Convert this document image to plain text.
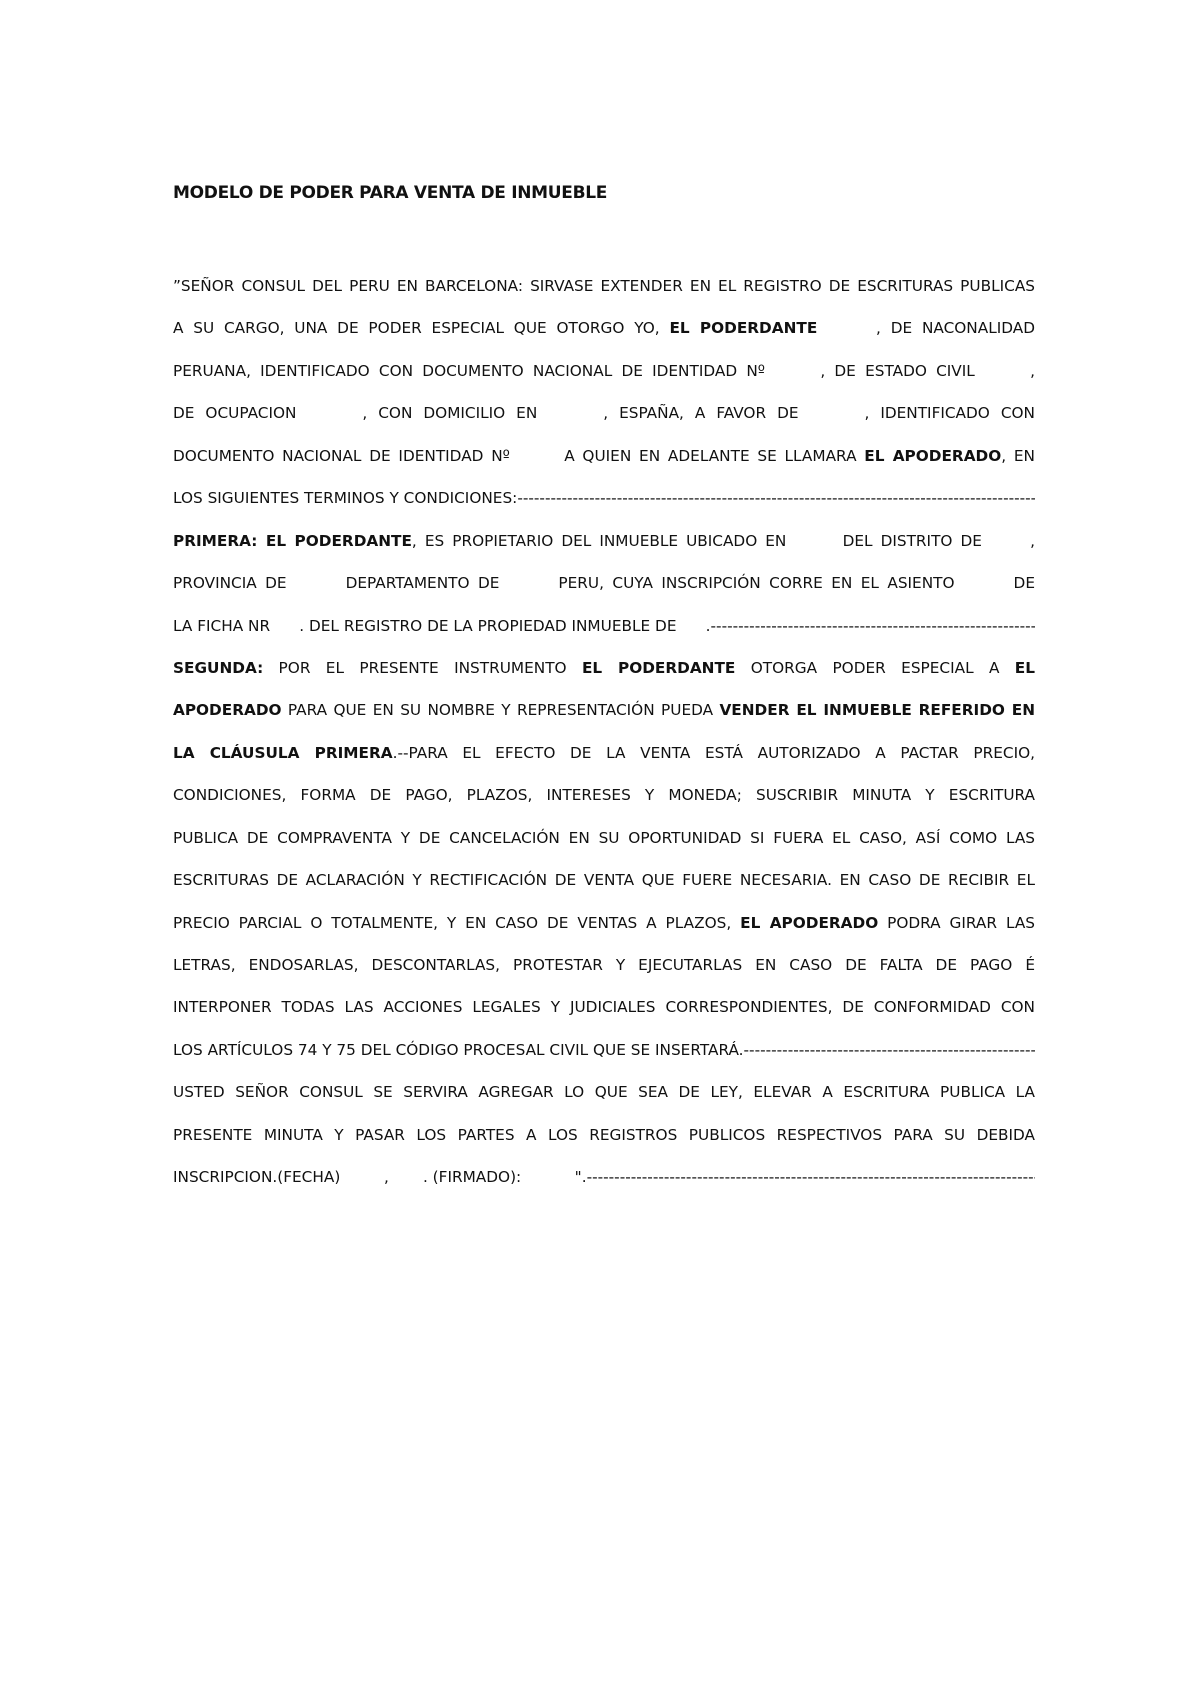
MODELO DE PODER PARA VENTA DE INMUEBLE
”SEÑOR CONSUL DEL PERU EN BARCELONA: SIRVASE EXTENDER EN EL REGISTRO DE ESCRITURAS PUBLICAS
A SU CARGO, UNA DE PODER ESPECIAL QUE OTORGO YO, EL PODERDANTE      , DE NACONALIDAD
PERUANA, IDENTIFICADO CON DOCUMENTO NACIONAL DE IDENTIDAD Nº      , DE ESTADO CIVIL      ,
DE OCUPACION      , CON DOMICILIO EN      , ESPAÑA, A FAVOR DE      , IDENTIFICADO CON
DOCUMENTO NACIONAL DE IDENTIDAD Nº       A QUIEN EN ADELANTE SE LLAMARA EL APODERADO, EN
LOS SIGUIENTES TERMINOS Y CONDICIONES:
-----
PRIMERA: EL PODERDANTE, ES PROPIETARIO DEL INMUEBLE UBICADO EN       DEL DISTRITO DE      ,
PROVINCIA DE       DEPARTAMENTO DE       PERU, CUYA INSCRIPCIÓN CORRE EN EL ASIENTO       DE
LA FICHA NR      . DEL REGISTRO DE LA PROPIEDAD INMUEBLE DE      .
-----
SEGUNDA: POR EL PRESENTE INSTRUMENTO EL PODERDANTE OTORGA PODER ESPECIAL A EL
APODERADO PARA QUE EN SU NOMBRE Y REPRESENTACIÓN PUEDA VENDER EL INMUEBLE REFERIDO EN
LA CLÁUSULA PRIMERA.--PARA EL EFECTO DE LA VENTA ESTÁ AUTORIZADO A PACTAR PRECIO,
CONDICIONES, FORMA DE PAGO, PLAZOS, INTERESES Y MONEDA; SUSCRIBIR MINUTA Y ESCRITURA
PUBLICA DE COMPRAVENTA Y DE CANCELACIÓN EN SU OPORTUNIDAD SI FUERA EL CASO, ASÍ COMO LAS
ESCRITURAS DE ACLARACIÓN Y RECTIFICACIÓN DE VENTA QUE FUERE NECESARIA. EN CASO DE RECIBIR EL
PRECIO PARCIAL O TOTALMENTE, Y EN CASO DE VENTAS A PLAZOS, EL APODERADO PODRA GIRAR LAS
LETRAS, ENDOSARLAS, DESCONTARLAS, PROTESTAR Y EJECUTARLAS EN CASO DE FALTA DE PAGO É
INTERPONER TODAS LAS ACCIONES LEGALES Y JUDICIALES CORRESPONDIENTES, DE CONFORMIDAD CON
LOS ARTÍCULOS 74 Y 75 DEL CÓDIGO PROCESAL CIVIL QUE SE INSERTARÁ.
-----
USTED SEÑOR CONSUL SE SERVIRA AGREGAR LO QUE SEA DE LEY, ELEVAR A ESCRITURA PUBLICA LA
PRESENTE MINUTA Y PASAR LOS PARTES A LOS REGISTROS PUBLICOS RESPECTIVOS PARA SU DEBIDA
INSCRIPCION.(FECHA)         ,       . (FIRMADO):           ".
-----
